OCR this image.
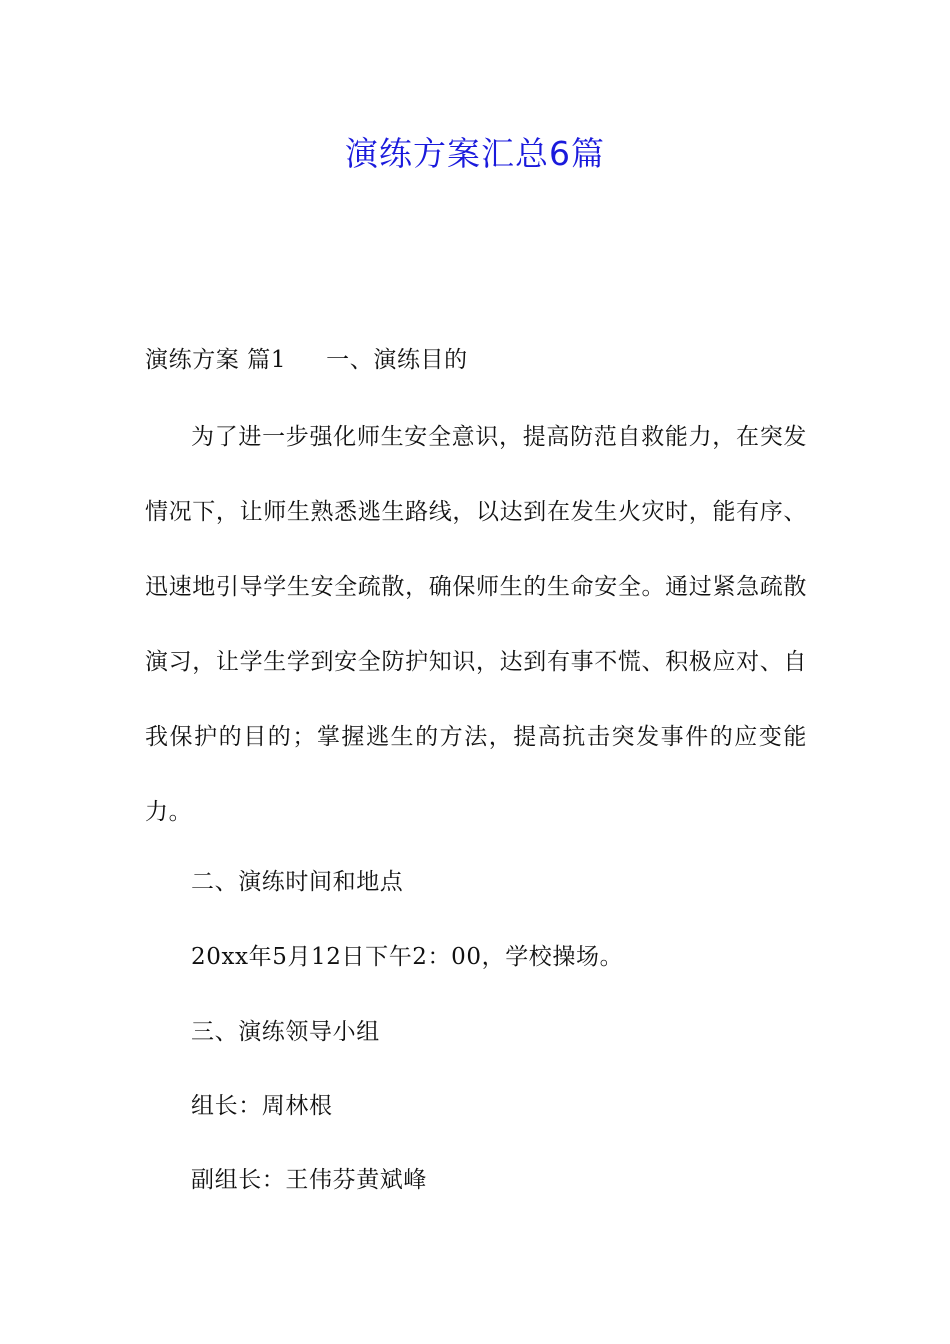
演练方案汇总6篇
演练方案 篇1 一、演练目的

为了进一步强化师生安全意识，提高防范自救能力，在突发情况下，让师生熟悉逃生路线，以达到在发生火灾时，能有序、迅速地引导学生安全疏散，确保师生的生命安全。通过紧急疏散演习，让学生学到安全防护知识，达到有事不慌、积极应对、自我保护的目的；掌握逃生的方法，提高抗击突发事件的应变能力。

二、演练时间和地点
20xx年5月12日下午2：00，学校操场。
三、演练领导小组
组长：周林根
副组长：王伟芬黄斌峰
